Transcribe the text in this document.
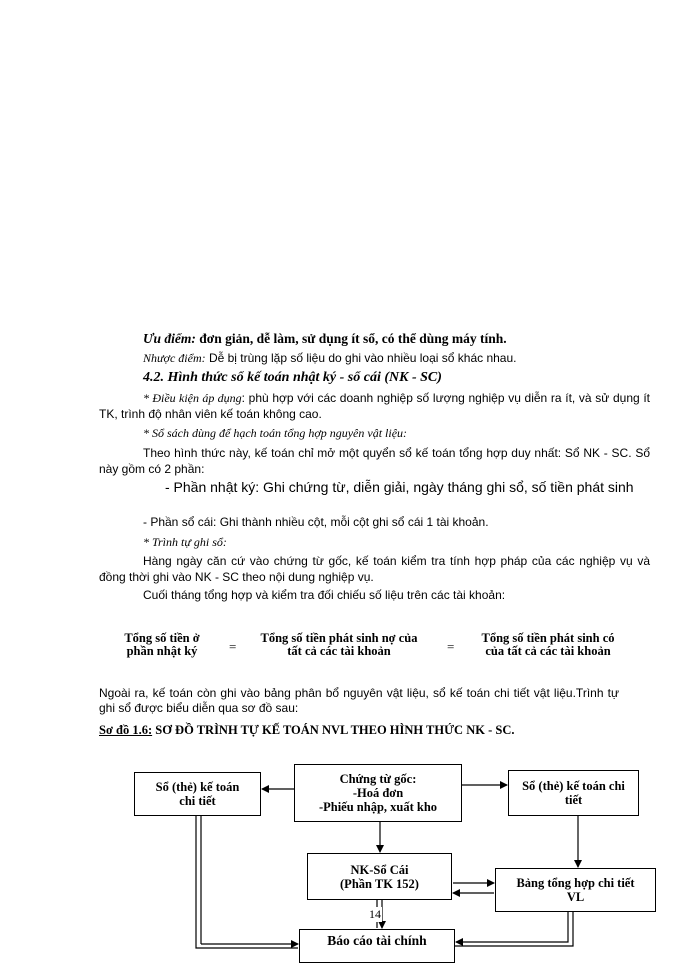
Ưu điểm: đơn giản, dễ làm, sử dụng ít sổ, có thể dùng máy tính.
Nhược điểm: Dễ bị trùng lặp số liệu do ghi vào nhiều loại sổ khác nhau.
4.2. Hình thức sổ kế toán nhật ký - sổ cái (NK - SC)
* Điều kiện áp dụng: phù hợp với các doanh nghiệp số lượng nghiệp vụ diễn ra ít, và sử dụng ít TK, trình độ nhân viên kế toán không cao.
* Sổ sách dùng để hạch toán tổng hợp nguyên vật liệu:
Theo hình thức này, kế toán chỉ mở một quyển sổ kế toán tổng hợp duy nhất: Sổ NK - SC. Sổ này gồm có 2 phần:
- Phần nhật ký: Ghi chứng từ, diễn giải, ngày tháng ghi sổ, số tiền phát sinh
- Phần sổ cái: Ghi thành nhiều cột, mỗi cột ghi sổ cái 1 tài khoản.
* Trình tự ghi sổ:
Hàng ngày căn cứ vào chứng từ gốc, kế toán kiểm tra tính hợp pháp của các nghiệp vụ và đồng thời ghi vào NK - SC theo nội dung nghiệp vụ.
Cuối tháng tổng hợp và kiểm tra đối chiếu số liệu trên các tài khoản:
Tổng số tiền ở
phần nhật ký	=
Tổng số tiền phát sinh nợ của
tất cả các tài khoản	=
Tổng số tiền phát sinh có
của tất cả các tài khoản
Ngoài ra, kế toán còn ghi vào bảng phân bổ nguyên vật liệu, sổ kế toán chi tiết vật liệu.Trình tự ghi sổ được biểu diễn qua sơ đồ sau:
Sơ đồ 1.6: SƠ ĐỒ TRÌNH TỰ KẾ TOÁN NVL THEO HÌNH THỨC NK - SC.
Chứng từ gốc:
-Hoá đơn
-Phiếu nhập, xuất kho
Sổ (thẻ) kế toán
chi tiết
Sổ (thẻ) kế toán chi
tiết
NK-Sổ Cái
(Phần TK 152)	Bảng tổng hợp chi tiết
VL
Báo cáo tài chính
14
